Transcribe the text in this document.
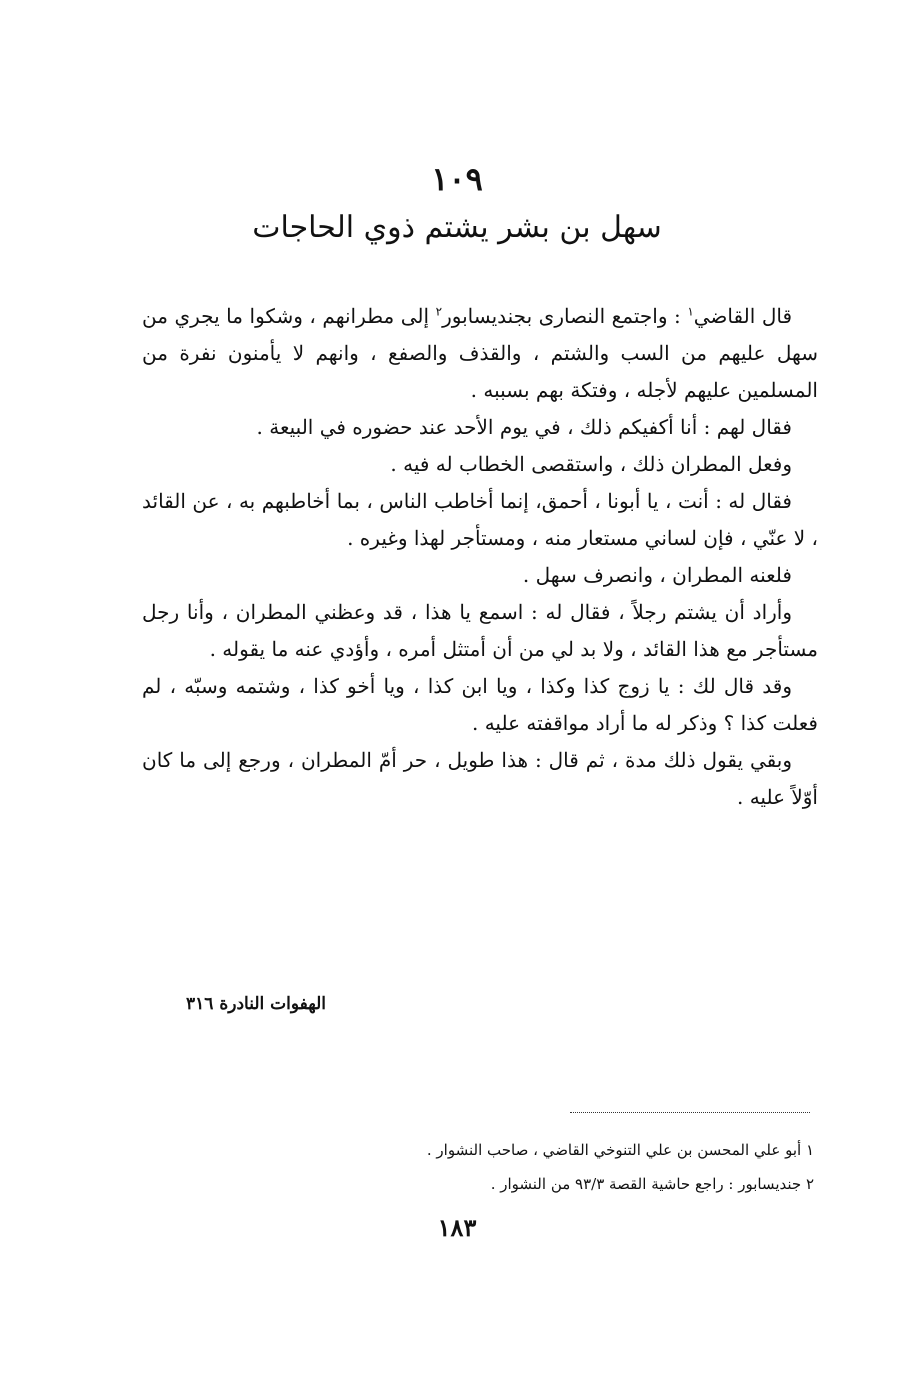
١٠٩
سهل بن بشر يشتم ذوي الحاجات

قال القاضي$^١$ : واجتمع النصارى بجنديسابور$^٢$ إلى مطرانهم ، وشكوا ما يجري من سهل عليهم من السب والشتم ، والقذف والصفع ، وانهم لا يأمنون نفرة من المسلمين عليهم لأجله ، وفتكة بهم بسببه .

فقال لهم : أنا أكفيكم ذلك ، في يوم الأحد عند حضوره في البيعة .

وفعل المطران ذلك ، واستقصى الخطاب له فيه .

فقال له : أنت ، يا أبونا ، أحمق، إنما أخاطب الناس ، بما أخاطبهم به ، عن القائد ، لا عنّي ، فإن لساني مستعار منه ، ومستأجر لهذا وغيره .

فلعنه المطران ، وانصرف سهل .

وأراد أن يشتم رجلاً ، فقال له : اسمع يا هذا ، قد وعظني المطران ، وأنا رجل مستأجر مع هذا القائد ، ولا بد لي من أن أمتثل أمره ، وأؤدي عنه ما يقوله .

وقد قال لك : يا زوج كذا وكذا ، ويا ابن كذا ، ويا أخو كذا ، وشتمه وسبّه ، لم فعلت كذا ؟ وذكر له ما أراد مواقفته عليه .

وبقي يقول ذلك مدة ، ثم قال : هذا طويل ، حر أمّ المطران ، ورجع إلى ما كان أوّلاً عليه .

الهفوات النادرة ٣١٦
١ أبو علي المحسن بن علي التنوخي القاضي ، صاحب النشوار .
٢ جنديسابور : راجع حاشية القصة ٩٣/٣ من النشوار .
١٨٣
